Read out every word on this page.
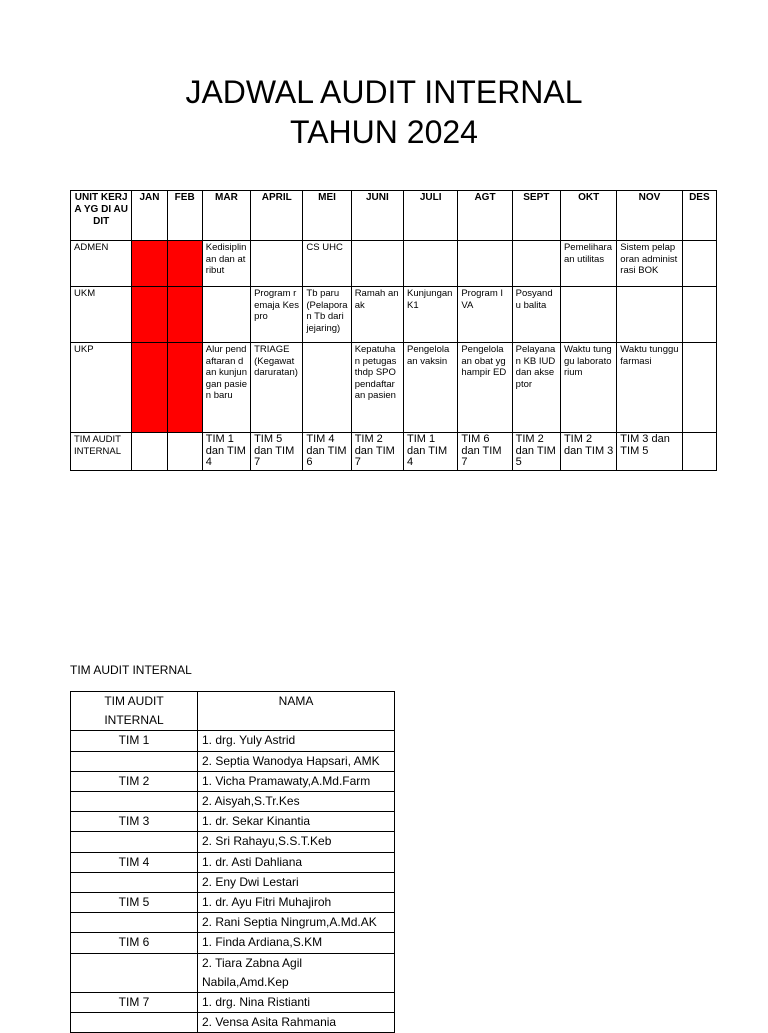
JADWAL AUDIT INTERNAL
TAHUN 2024
UNIT KERJA YG DI AUDIT	JAN	FEB	MAR	APRIL	MEI	JUNI	JULI	AGT	SEPT	OKT	NOV	DES
ADMEN			Kedisiplinan dan atribut		CS UHC					Pemeliharaan utilitas	Sistem pelaporan administrasi BOK	
UKM				Program remaja Kespro	Tb paru (Pelaporan Tb dari jejaring)	Ramah anak	Kunjungan K1	Program IVA	Posyandu balita			
UKP			Alur pendaftaran dan kunjungan pasien baru	TRIAGE (Kegawat daruratan)		Kepatuhan petugas thdp SPO pendaftaran pasien	Pengelolaan vaksin	Pengelolaan obat yg hampir ED	Pelayanan KB IUD dan akseptor	Waktu tunggu laboratorium	Waktu tunggu farmasi	
TIM AUDIT INTERNAL			TIM 1 dan TIM 4	TIM 5 dan TIM 7	TIM 4 dan TIM 6	TIM 2 dan TIM 7	TIM 1 dan TIM 4	TIM 6 dan TIM 7	TIM 2 dan TIM 5	TIM 2 dan TIM 3	TIM 3 dan TIM 5	
TIM AUDIT INTERNAL
TIM AUDIT INTERNAL	NAMA
TIM 1	1. drg. Yuly Astrid
	2. Septia Wanodya Hapsari, AMK
TIM 2	1. Vicha Pramawaty,A.Md.Farm
	2. Aisyah,S.Tr.Kes
TIM 3	1. dr. Sekar Kinantia
	2. Sri Rahayu,S.S.T.Keb
TIM 4	1. dr. Asti Dahliana
	2. Eny Dwi Lestari
TIM 5	1. dr. Ayu Fitri Muhajiroh
	2. Rani Septia Ningrum,A.Md.AK
TIM 6	1. Finda Ardiana,S.KM
	2. Tiara Zabna Agil Nabila,Amd.Kep
TIM 7	1. drg. Nina Ristianti
	2. Vensa Asita Rahmania
